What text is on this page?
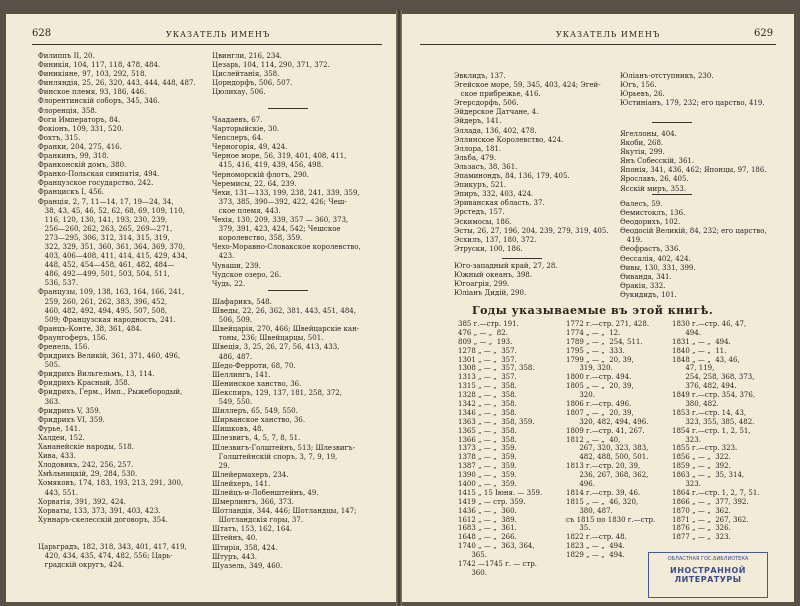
628	УКАЗАТЕЛЬ ИМЕНЪ
Филиппъ II, 20.
Финикія, 104, 117, 118, 478, 484.
Финикіяне, 97, 103, 292, 518.
Финляндія, 25, 26, 320, 443, 444, 448, 487.
Финское племя, 93, 186, 446.
Флорентинскій соборъ, 345, 346.
Флоренція, 358.
Фоги Императоръ, 84.
Фокіонъ, 109, 331, 520.
Фохтъ, 315.
Франки, 204, 275, 416.
Франкинъ, 99, 318.
Франконскій домъ, 380.
Франко-Польская симпатія, 494.
Французское государство, 242.
Францискъ I, 456.
Франція, 2, 7, 11—14, 17, 19—24, 34,
38, 43, 45, 46, 52, 62, 68, 69, 109, 110,
116, 120, 130, 141, 193, 230, 239,
256—260, 262, 263, 265, 269—271,
273—295, 306, 312, 314, 315, 319,
322, 329, 351, 360, 361, 364, 369, 370,
403, 406—408, 411, 414, 415, 429, 434,
448, 452, 454—458, 461, 482, 484—
486, 492—499, 501, 503, 504, 511,
536, 537.
Французы, 109, 138, 163, 164, 166, 241,
259, 260, 261, 262, 383, 396, 452,
460, 482, 492, 494, 495, 507, 508,
509; Французская народность, 241.
Францъ-Конте, 38, 361, 484.
Фраунгоферъ, 156.
Френель, 156.
Фридрихъ Великій, 361, 371, 460, 496,
505.
Фридрихъ Вильгельмъ, 13, 114.
Фридрихъ Красный, 358.
Фридрихъ, Герм., Имп., Рыжебородый,
363.
Фридрихъ V, 359.
Фридрихъ VI, 359.
Фурье, 141.
Халдеи, 152.
Хананейскіе народы, 518.
Хива, 433.
Хлодовикъ, 242, 256, 257.
Хмѣльницкій, 29, 284, 530.
Хомяковъ, 174, 183, 193, 213, 291, 300,
443, 551.
Хорватія, 391, 392, 424.
Хорваты, 133, 373, 391, 403, 423.
Хуннаръ-скелесскій договоръ, 354.
Царьградъ, 182, 318, 343, 401, 417, 419,
420, 434, 435, 474, 482, 556; Царь-
градскій округъ, 424.
Цвингли, 216, 234.
Цезарь, 104, 114, 290, 371, 372.
Цислейтанія, 358.
Цорндорфъ, 506, 507.
Цюлихау, 506.
Чаадаевъ, 67.
Чарторыйскіе, 30.
Чепслеръ, 64.
Черногорія, 49, 424.
Черное море, 56, 319, 401, 408, 411,
415, 416, 419, 439, 456, 498.
Черноморскій флотъ, 290.
Черемисы, 22, 64, 239.
Чехи, 131—133, 199, 238, 241, 339, 359,
373, 385, 390—392, 422, 426; Чеш-
ское племя, 443.
Чехія, 130, 209, 339, 357 — 360, 373,
379, 391, 423, 424, 542; Чешское
королевство, 358, 359.
Чехо-Моравно-Словакское королевство,
423.
Чуваши, 239.
Чудское озеро, 26.
Чудь, 22.
Шафарикъ, 548.
Шведы, 22, 26, 362, 381, 443, 451, 484,
506, 509.
Швейцарія, 270, 466; Швейцарскіе кан-
тоны, 236; Швейцарцы, 501.
Швеція, 3, 25, 26, 27, 56, 413, 433,
486, 487.
Шедо-Ферроти, 68, 70.
Шеллингъ, 141.
Шенинское ханство, 36.
Шекспиръ, 129, 137, 181, 258, 372,
549, 550.
Шиллеръ, 65, 549, 550.
Ширванское ханство, 36.
Шишковъ, 48.
Шлезвигъ, 4, 5, 7, 8, 51.
Шлезвигъ-Голштейнъ, 513; Шлезвигъ-
Голштейнскій споръ, 3, 7, 9, 19,
29.
Шлейермахеръ, 234.
Шлейхеръ, 141.
Шлейцъ-и-Лобенштейнъ, 49.
Шмерлингъ, 366, 373.
Шотландія, 344, 446; Шотландцы, 147;
Шотландскія горы, 37.
Штатъ, 153, 162, 164.
Штейнъ, 40.
Штирія, 358, 424.
Штуръ, 443.
Шуазель, 349, 460.
УКАЗАТЕЛЬ ИМЕНЪ	629
Эвклидъ, 137.
Эгейское море, 59, 345, 403, 424; Эгей-
ское прибрежье, 416.
Эгерсдорфъ, 506.
Эйдерское Датчане, 4.
Эйдеръ, 141.
Эллада, 136, 402, 478.
Эллинское Королевство, 424.
Эллора, 181.
Эльба, 479.
Эльзасъ, 38, 361.
Эпаминондъ, 84, 136, 179, 405.
Эпикуръ, 521.
Эпиръ, 332, 403, 424.
Эриванская область, 37.
Эрстедъ, 157.
Эскимосы, 186.
Эсты, 26, 27, 196, 204, 239, 279, 319, 405.
Эсхилъ, 137, 180, 372.
Этруски, 100, 186.
Юго-западный край, 27, 28.
Южный океанъ, 398.
Югоагрія, 299.
Юліанъ Дидій, 290.
Юліанъ-отступникъ, 230.
Югъ, 156.
Юрьевъ, 26.
Юстиніанъ, 179, 232; его царство, 419.
Ягеллоны, 404.
Якоби, 268.
Якутія, 299.
Янъ Собесскій, 361.
Японія, 341, 436, 462; Японцы, 97, 186.
Ярославъ, 26, 405.
Ясскій миръ, 353.
Ѳалесъ, 59.
Ѳемистоклъ, 136.
Ѳеодорихъ, 102.
Ѳеодосій Великій, 84, 232; его царство,
419.
Ѳеофрастъ, 336.
Ѳессалія, 402, 424.
Ѳивы, 130, 331, 399.
Ѳиванда, 341.
Ѳракія, 332.
Ѳукидидъ, 101.
Годы указываемые въ этой книгѣ.
385 г.—стр. 191.
476 „ — „  82.
809 „ — „  193.
1278 „ — „  357.
1301 „ — „  357.
1308 „ — „  357, 358.
1313 „ — „  357.
1315 „ — „  358.
1328 „ — „  358.
1342 „ — „  358.
1346 „ — „  358.
1363 „ — „  358, 359.
1365 „ — „  358.
1366 „ — „  358.
1373 „ — „  359.
1378 „ — „  359.
1387 „ — „  359.
1390 „ — „  359.
1400 „ — „  359.
1415 „ 15 Іюня. — 359.
1419 „ — стр. 359.
1436 „ — „  360.
1612 „ — „  389.
1683 „ — „  361.
1648 „ — „  266.
1740 „ — „  363, 364,
365.
1742 —1745 г. — стр.
360.
1772 г.—стр. 271, 428.
1774 „ — „  12.
1789 „ — „  254, 511.
1795 „ — „  333.
1799 „ — „  20, 39,
319, 320.
1800 г.—стр. 494.
1805 „ — „  20, 39,
320.
1806 г.—стр. 496.
1807 „ — „  20, 39,
320, 482, 494, 496.
1809 г.—стр. 41, 267.
1812 „ — „  40,
267, 320, 323, 383,
482, 488, 500, 501.
1813 г.—стр. 20, 39,
236, 267, 368, 362,
496.
1814 г.—стр. 39, 46.
1815 „ — „  46, 320,
380, 487.
съ 1815 по 1830 г.—стр.
35.
1822 г.—стр. 48.
1823 „ — „  494.
1829 „ — „  494.
1830 г.—стр. 46, 47,
494.
1831 „ — „  494.
1840 „ — „  11.
1848 „ — „  43, 46,
47, 119,
254, 258, 368, 373,
376, 482, 494.
1849 г.—стр. 354, 376,
380, 482.
1853 г.—стр. 14, 43,
323, 355, 385, 482.
1854 г.—стр. 1, 2, 51,
323.
1855 г.—стр. 323.
1856 „ — „  322.
1859 „ — „  392.
1863 „ — „  35, 314,
323.
1864 г.—стр. 1, 2, 7, 51.
1866 „ — „  377, 392.
1870 „ — „  362.
1871 „ — „  267, 362.
1876 „ — „  326.
1877 „ — „  323.
ОБЛАСТНАЯ ГОС.БИБЛИОТЕКА
ИНОСТРАННОЙ
ЛИТЕРАТУРЫ
